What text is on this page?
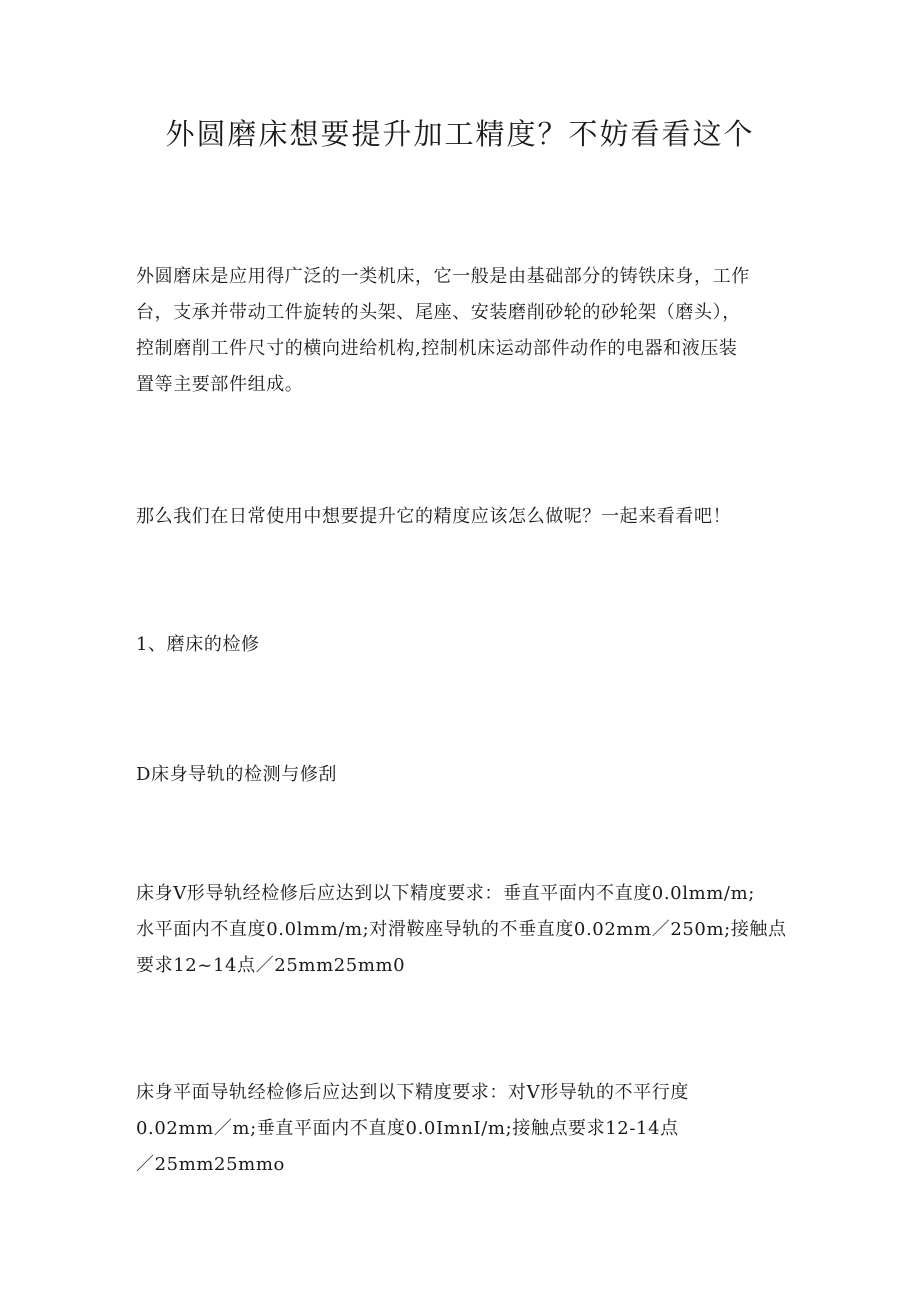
外圆磨床想要提升加工精度？不妨看看这个

外圆磨床是应用得广泛的一类机床，它一般是由基础部分的铸铁床身，工作
台，支承并带动工件旋转的头架、尾座、安装磨削砂轮的砂轮架（磨头），
控制磨削工件尺寸的横向进给机构,控制机床运动部件动作的电器和液压装
置等主要部件组成。

那么我们在日常使用中想要提升它的精度应该怎么做呢？一起来看看吧！

1、磨床的检修

D床身导轨的检测与修刮

床身V形导轨经检修后应达到以下精度要求：垂直平面内不直度0.0lmm/m;
水平面内不直度0.0lmm/m;对滑鞍座导轨的不垂直度0.02mm／250m;接触点
要求12~14点／25mm25mm0

床身平面导轨经检修后应达到以下精度要求：对V形导轨的不平行度
0.02mm／m;垂直平面内不直度0.0ImnI/m;接触点要求12-14点
／25mm25mmo
